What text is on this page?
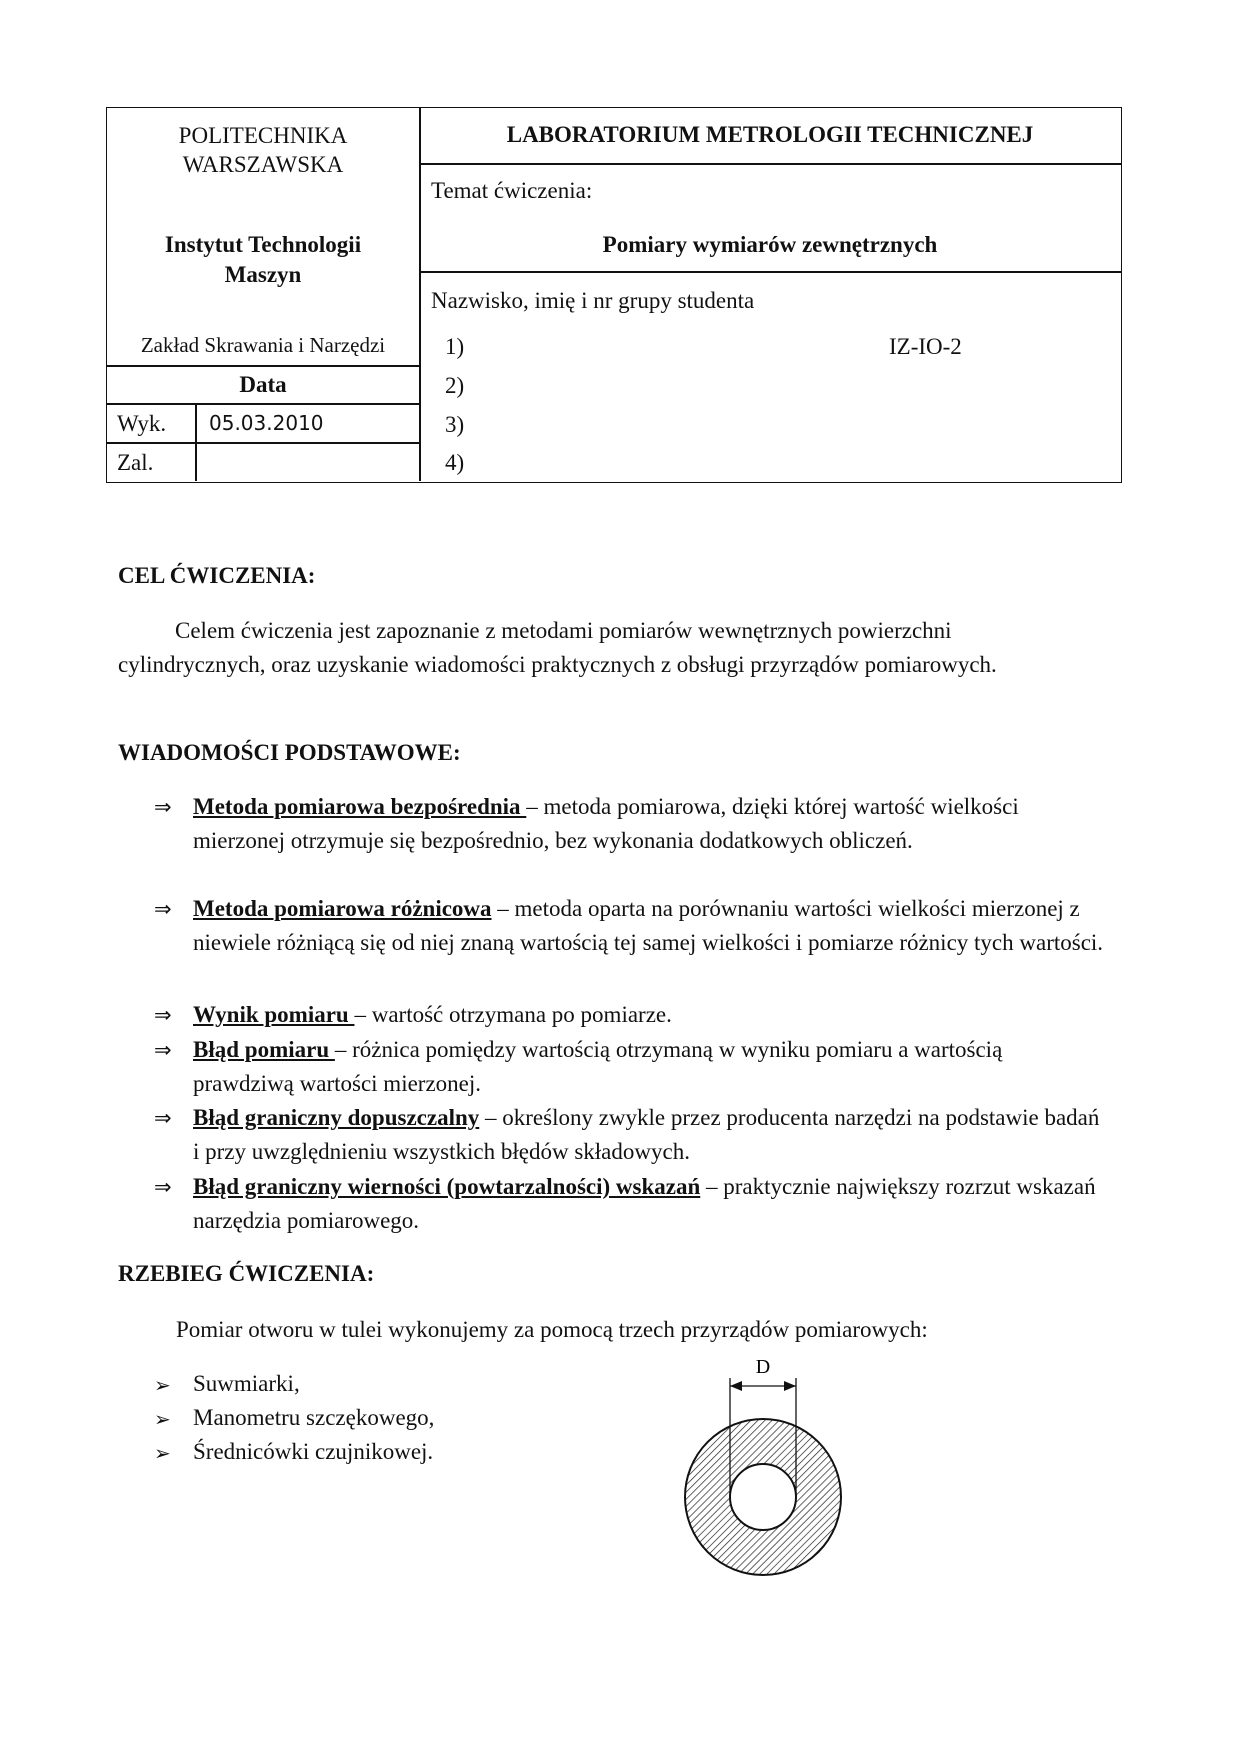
POLITECHNIKA
WARSZAWSKA
Instytut Technologii
Maszyn
Zakład Skrawania i Narzędzi
Data
Wyk. 05.03.2010
Zal.
LABORATORIUM METROLOGII TECHNICZNEJ
Temat ćwiczenia:
Pomiary wymiarów zewnętrznych
Nazwisko, imię i nr grupy studenta
1)	IZ-IO-2
2)
3)
4)
CEL ĆWICZENIA:
Celem ćwiczenia jest zapoznanie z metodami pomiarów wewnętrznych powierzchni cylindrycznych, oraz uzyskanie wiadomości praktycznych z obsługi przyrządów pomiarowych.
WIADOMOŚCI PODSTAWOWE:
⇒ Metoda pomiarowa bezpośrednia – metoda pomiarowa, dzięki której wartość wielkości mierzonej otrzymuje się bezpośrednio, bez wykonania dodatkowych obliczeń.
⇒ Metoda pomiarowa różnicowa – metoda oparta na porównaniu wartości wielkości mierzonej z niewiele różniącą się od niej znaną wartością tej samej wielkości i pomiarze różnicy tych wartości.
⇒ Wynik pomiaru – wartość otrzymana po pomiarze.
⇒ Błąd pomiaru – różnica pomiędzy wartością otrzymaną w wyniku pomiaru a wartością prawdziwą wartości mierzonej.
⇒ Błąd graniczny dopuszczalny – określony zwykle przez producenta narzędzi na podstawie badań i przy uwzględnieniu wszystkich błędów składowych.
⇒ Błąd graniczny wierności (powtarzalności) wskazań – praktycznie największy rozrzut wskazań narzędzia pomiarowego.
RZEBIEG ĆWICZENIA:
Pomiar otworu w tulei wykonujemy za pomocą trzech przyrządów pomiarowych:
➢ Suwmiarki,
➢ Manometru szczękowego,
➢ Średnicówki czujnikowej.
D
